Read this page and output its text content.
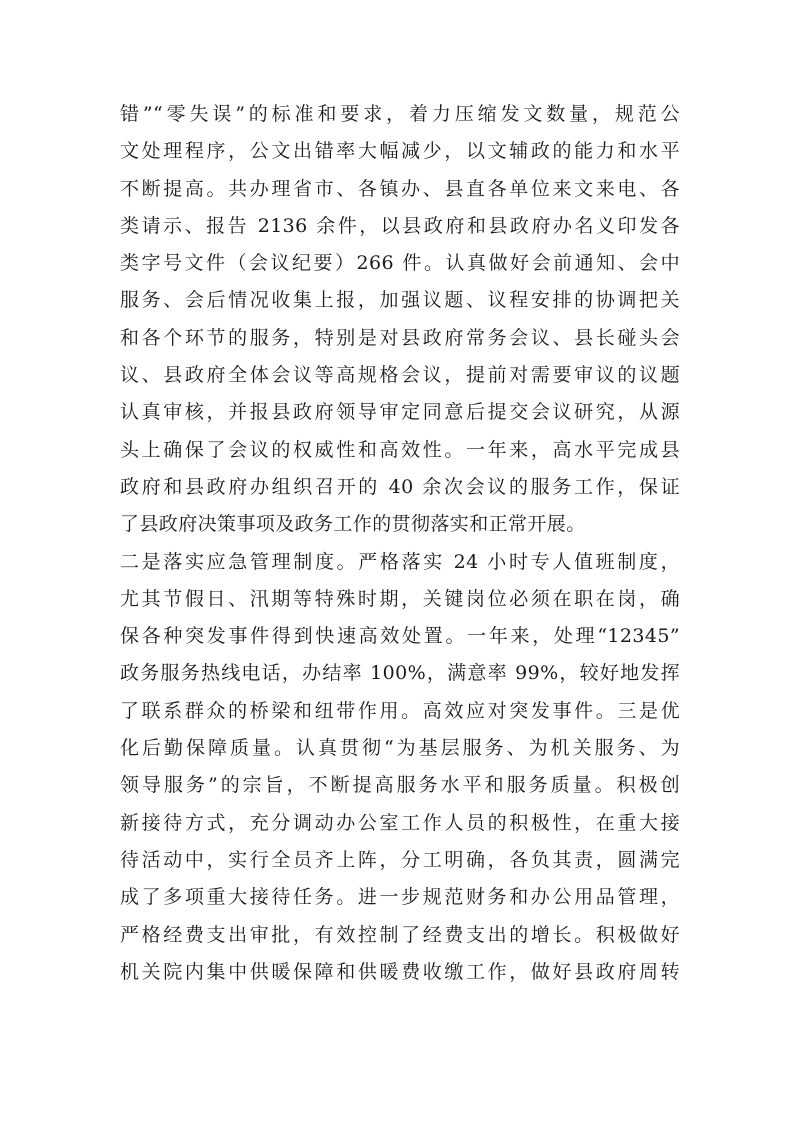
错”“零失误”的标准和要求，着力压缩发文数量，规范公
文处理程序，公文出错率大幅减少，以文辅政的能力和水平
不断提高。共办理省市、各镇办、县直各单位来文来电、各
类请示、报告 2136 余件，以县政府和县政府办名义印发各
类字号文件（会议纪要）266 件。认真做好会前通知、会中
服务、会后情况收集上报，加强议题、议程安排的协调把关
和各个环节的服务，特别是对县政府常务会议、县长碰头会
议、县政府全体会议等高规格会议，提前对需要审议的议题
认真审核，并报县政府领导审定同意后提交会议研究，从源
头上确保了会议的权威性和高效性。一年来，高水平完成县
政府和县政府办组织召开的 40 余次会议的服务工作，保证
了县政府决策事项及政务工作的贯彻落实和正常开展。
二是落实应急管理制度。严格落实 24 小时专人值班制度，
尤其节假日、汛期等特殊时期，关键岗位必须在职在岗，确
保各种突发事件得到快速高效处置。一年来，处理“12345”
政务服务热线电话，办结率 100%，满意率 99%，较好地发挥
了联系群众的桥梁和纽带作用。高效应对突发事件。三是优
化后勤保障质量。认真贯彻“为基层服务、为机关服务、为
领导服务”的宗旨，不断提高服务水平和服务质量。积极创
新接待方式，充分调动办公室工作人员的积极性，在重大接
待活动中，实行全员齐上阵，分工明确，各负其责，圆满完
成了多项重大接待任务。进一步规范财务和办公用品管理，
严格经费支出审批，有效控制了经费支出的增长。积极做好
机关院内集中供暖保障和供暖费收缴工作，做好县政府周转
